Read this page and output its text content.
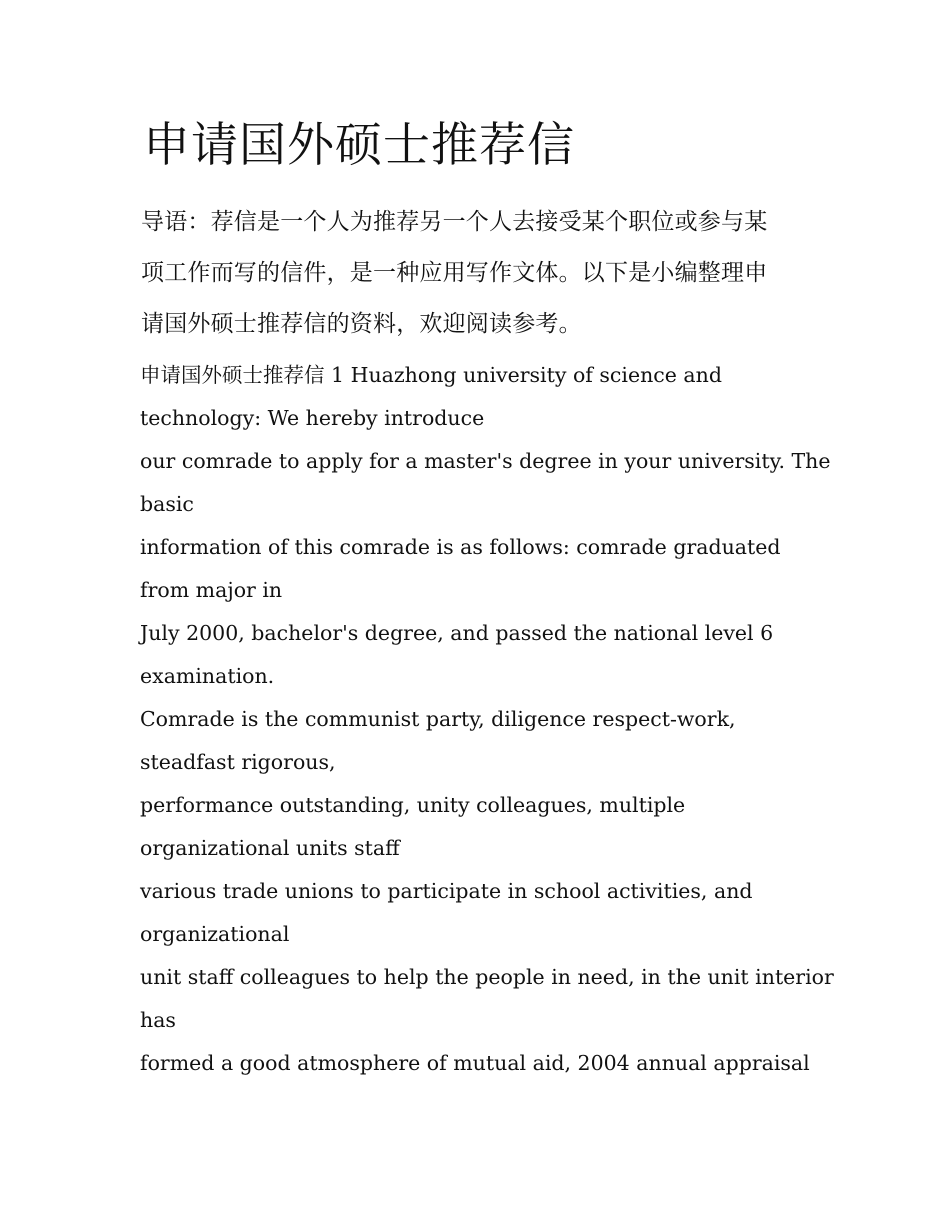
申请国外硕士推荐信
导语：荐信是一个人为推荐另一个人去接受某个职位或参与某
项工作而写的信件，是一种应用写作文体。以下是小编整理申
请国外硕士推荐信的资料，欢迎阅读参考。
申请国外硕士推荐信 1 Huazhong university of science and
technology: We hereby introduce
our comrade to apply for a master's degree in your university. The
basic
information of this comrade is as follows: comrade graduated
from major in
July 2000, bachelor's degree, and passed the national level 6
examination.
Comrade is the communist party, diligence respect-work,
steadfast rigorous,
performance outstanding, unity colleagues, multiple
organizational units staff
various trade unions to participate in school activities, and
organizational
unit staff colleagues to help the people in need, in the unit interior
has
formed a good atmosphere of mutual aid, 2004 annual appraisal
